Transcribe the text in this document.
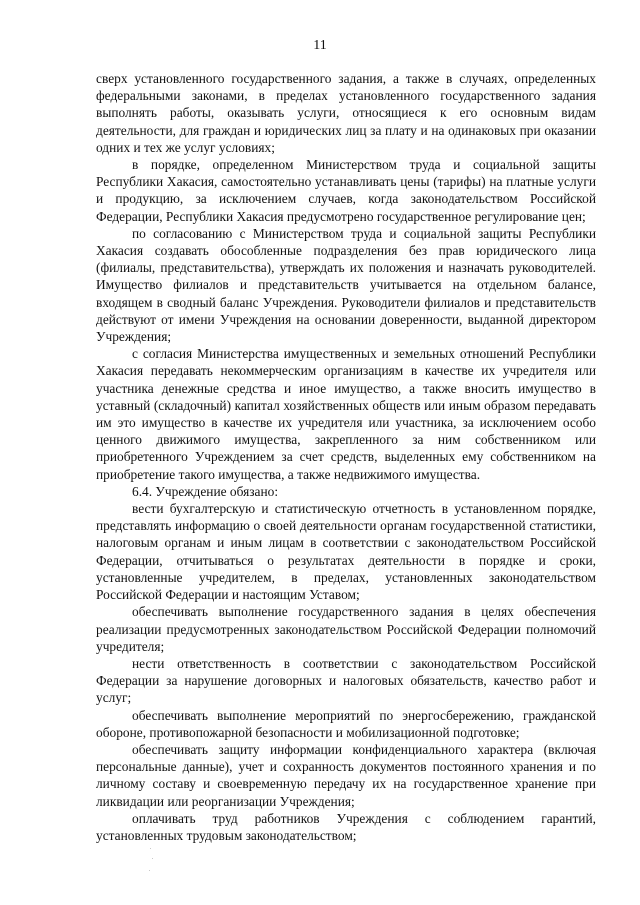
11

сверх установленного государственного задания, а также в случаях, определенных федеральными законами, в пределах установленного государственного задания выполнять работы, оказывать услуги, относящиеся к его основным видам деятельности, для граждан и юридических лиц за плату и на одинаковых при оказании одних и тех же услуг условиях;

в порядке, определенном Министерством труда и социальной защиты Республики Хакасия, самостоятельно устанавливать цены (тарифы) на платные услуги и продукцию, за исключением случаев, когда законодательством Российской Федерации, Республики Хакасия предусмотрено государственное регулирование цен;

по согласованию с Министерством труда и социальной защиты Республики Хакасия создавать обособленные подразделения без прав юридического лица (филиалы, представительства), утверждать их положения и назначать руководителей. Имущество филиалов и представительств учитывается на отдельном балансе, входящем в сводный баланс Учреждения. Руководители филиалов и представительств действуют от имени Учреждения на основании доверенности, выданной директором Учреждения;

с согласия Министерства имущественных и земельных отношений Республики Хакасия передавать некоммерческим организациям в качестве их учредителя или участника денежные средства и иное имущество, а также вносить имущество в уставный (складочный) капитал хозяйственных обществ или иным образом передавать им это имущество в качестве их учредителя или участника, за исключением особо ценного движимого имущества, закрепленного за ним собственником или приобретенного Учреждением за счет средств, выделенных ему собственником на приобретение такого имущества, а также недвижимого имущества.

6.4. Учреждение обязано:

вести бухгалтерскую и статистическую отчетность в установленном порядке, представлять информацию о своей деятельности органам государственной статистики, налоговым органам и иным лицам в соответствии с законодательством Российской Федерации, отчитываться о результатах деятельности в порядке и сроки, установленные учредителем, в пределах, установленных законодательством Российской Федерации и настоящим Уставом;

обеспечивать выполнение государственного задания в целях обеспечения реализации предусмотренных законодательством Российской Федерации полномочий учредителя;

нести ответственность в соответствии с законодательством Российской Федерации за нарушение договорных и налоговых обязательств, качество работ и услуг;

обеспечивать выполнение мероприятий по энергосбережению, гражданской обороне, противопожарной безопасности и мобилизационной подготовке;

обеспечивать защиту информации конфиденциального характера (включая персональные данные), учет и сохранность документов постоянного хранения и по личному составу и своевременную передачу их на государственное хранение при ликвидации или реорганизации Учреждения;

оплачивать труд работников Учреждения с соблюдением гарантий, установленных трудовым законодательством;
